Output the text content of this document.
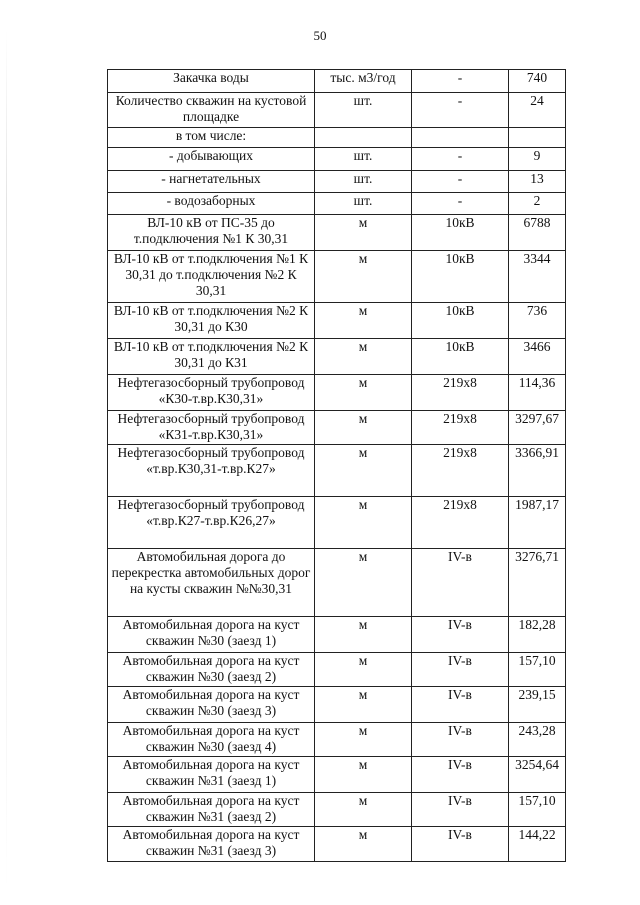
50
Закачка воды	тыс. м3/год	-	740
Количество скважин на кустовой площадке	шт.	-	24
в том числе:			
- добывающих	шт.	-	9
- нагнетательных	шт.	-	13
- водозаборных	шт.	-	2
ВЛ-10 кВ от ПС-35 до т.подключения №1 К 30,31	м	10кВ	6788
ВЛ-10 кВ от т.подключения №1 К 30,31 до т.подключения №2 К 30,31	м	10кВ	3344
ВЛ-10 кВ от т.подключения №2 К 30,31 до К30	м	10кВ	736
ВЛ-10 кВ от т.подключения №2 К 30,31 до К31	м	10кВ	3466
Нефтегазосборный трубопровод «К30-т.вр.К30,31»	м	219х8	114,36
Нефтегазосборный трубопровод «К31-т.вр.К30,31»	м	219х8	3297,67
Нефтегазосборный трубопровод «т.вр.К30,31-т.вр.К27»	м	219х8	3366,91
Нефтегазосборный трубопровод «т.вр.К27-т.вр.К26,27»	м	219х8	1987,17
Автомобильная дорога до перекрестка автомобильных дорог на кусты скважин №№30,31	м	IV-в	3276,71
Автомобильная дорога на куст скважин №30 (заезд 1)	м	IV-в	182,28
Автомобильная дорога на куст скважин №30 (заезд 2)	м	IV-в	157,10
Автомобильная дорога на куст скважин №30 (заезд 3)	м	IV-в	239,15
Автомобильная дорога на куст скважин №30 (заезд 4)	м	IV-в	243,28
Автомобильная дорога на куст скважин №31 (заезд 1)	м	IV-в	3254,64
Автомобильная дорога на куст скважин №31 (заезд 2)	м	IV-в	157,10
Автомобильная дорога на куст скважин №31 (заезд 3)	м	IV-в	144,22
